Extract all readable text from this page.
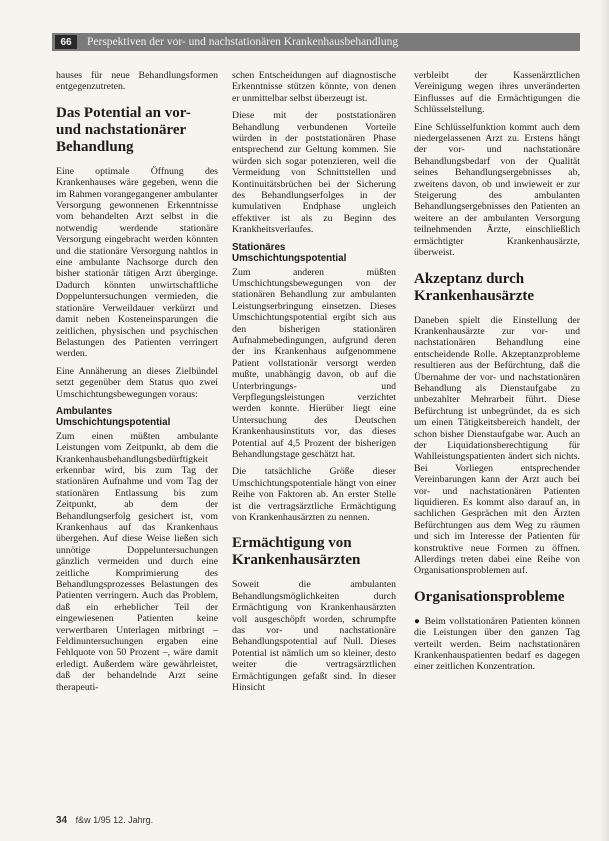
66	Perspektiven der vor- und nachstationären Krankenhausbehandlung

hauses für neue Behandlungsformen entgegenzutreten.

Das Potential an vor- und nachstationärer Behandlung

Eine optimale Öffnung des Krankenhauses wäre gegeben, wenn die im Rahmen vorangegangener ambulanter Versorgung gewonnenen Erkenntnisse vom behandelten Arzt selbst in die notwendig werdende stationäre Versorgung eingebracht werden könnten und die stationäre Versorgung nahtlos in eine ambulante Nachsorge durch den bisher stationär tätigen Arzt überginge. Dadurch könnten unwirtschaftliche Doppeluntersuchungen vermieden, die stationäre Verweildauer verkürzt und damit neben Kosteneinsparungen die zeitlichen, physischen und psychischen Belastungen des Patienten verringert werden.

Eine Annäherung an dieses Zielbündel setzt gegenüber dem Status quo zwei Umschichtungsbewegungen voraus:

Ambulantes Umschichtungspotential

Zum einen müßten ambulante Leistungen vom Zeitpunkt, ab dem die Krankenhausbehandlungsbedürftigkeit erkennbar wird, bis zum Tag der stationären Aufnahme und vom Tag der stationären Entlassung bis zum Zeitpunkt, ab dem der Behandlungserfolg gesichert ist, vom Krankenhaus auf das Krankenhaus übergehen. Auf diese Weise ließen sich unnötige Doppeluntersuchungen gänzlich vermeiden und durch eine zeitliche Komprimierung des Behandlungsprozesses Belastungen des Patienten verringern. Auch das Problem, daß ein erheblicher Teil der eingewiesenen Patienten keine verwertbaren Unterlagen mitbringt – Feldinuntersuchungen ergaben eine Fehlquote von 50 Prozent –, wäre damit erledigt. Außerdem wäre gewährleistet, daß der behandelnde Arzt seine therapeuti-

schen Entscheidungen auf diagnostische Erkenntnisse stützen könnte, von denen er unmittelbar selbst überzeugt ist.

Diese mit der poststationären Behandlung verbundenen Vorteile würden in der poststationären Phase entsprechend zur Geltung kommen. Sie würden sich sogar potenzieren, weil die Vermeidung von Schnittstellen und Kontinuitätsbrüchen bei der Sicherung des Behandlungserfolges in der kumulativen Endphase ungleich effektiver ist als zu Beginn des Krankheitsverlaufes.

Stationäres Umschichtungspotential

Zum anderen müßten Umschichtungsbewegungen von der stationären Behandlung zur ambulanten Leistungserbringung einsetzen. Dieses Umschichtungspotential ergibt sich aus den bisherigen stationären Aufnahmebedingungen, aufgrund deren der ins Krankenhaus aufgenommene Patient vollstationär versorgt werden mußte, unabhängig davon, ob auf die Unterbringungs- und Verpflegungsleistungen verzichtet werden konnte. Hierüber liegt eine Untersuchung des Deutschen Krankenhausinstituts vor, das dieses Potential auf 4,5 Prozent der bisherigen Behandlungstage geschätzt hat.

Die tatsächliche Größe dieser Umschichtungspotentiale hängt von einer Reihe von Faktoren ab. An erster Stelle ist die vertragsärztliche Ermächtigung von Krankenhausärzten zu nennen.

Ermächtigung von Krankenhausärzten

Soweit die ambulanten Behandlungsmöglichkeiten durch Ermächtigung von Krankenhausärzten voll ausgeschöpft worden, schrumpfte das vor- und nachstationäre Behandlungspotential auf Null. Dieses Potential ist nämlich um so kleiner, desto weiter die vertragsärztlichen Ermächtigungen gefaßt sind. In dieser Hinsicht

verbleibt der Kassenärztlichen Vereinigung wegen ihres unveränderten Einflusses auf die Ermächtigungen die Schlüsselstellung.

Eine Schlüsselfunktion kommt auch dem niedergelassenen Arzt zu. Erstens hängt der vor- und nachstationäre Behandlungsbedarf von der Qualität seines Behandlungsergebnisses ab, zweitens davon, ob und inwieweit er zur Steigerung des ambulanten Behandlungsergebnisses den Patienten an weitere an der ambulanten Versorgung teilnehmenden Ärzte, einschließlich ermächtigter Krankenhausärzte, überweist.

Akzeptanz durch Krankenhausärzte

Daneben spielt die Einstellung der Krankenhausärzte zur vor- und nachstationären Behandlung eine entscheidende Rolle. Akzeptanzprobleme resultieren aus der Befürchtung, daß die Übernahme der vor- und nachstationären Behandlung als Dienstaufgabe zu unbezahlter Mehrarbeit führt. Diese Befürchtung ist unbegründet, da es sich um einen Tätigkeitsbereich handelt, der schon bisher Dienstaufgabe war. Auch an der Liquidationsberechtigung für Wahlleistungspatienten ändert sich nichts. Bei Vorliegen entsprechender Vereinbarungen kann der Arzt auch bei vor- und nachstationären Patienten liquidieren. Es kommt also darauf an, in sachlichen Gesprächen mit den Ärzten Befürchtungen aus dem Weg zu räumen und sich im Interesse der Patienten für konstruktive neue Formen zu öffnen. Allerdings treten dabei eine Reihe von Organisationsproblemen auf.

Organisationsprobleme

● Beim vollstationären Patienten können die Leistungen über den ganzen Tag verteilt werden. Beim nachstationären Krankenhauspatienten bedarf es dagegen einer zeitlichen Konzentration.

34 f&w 1/95 12. Jahrg.
